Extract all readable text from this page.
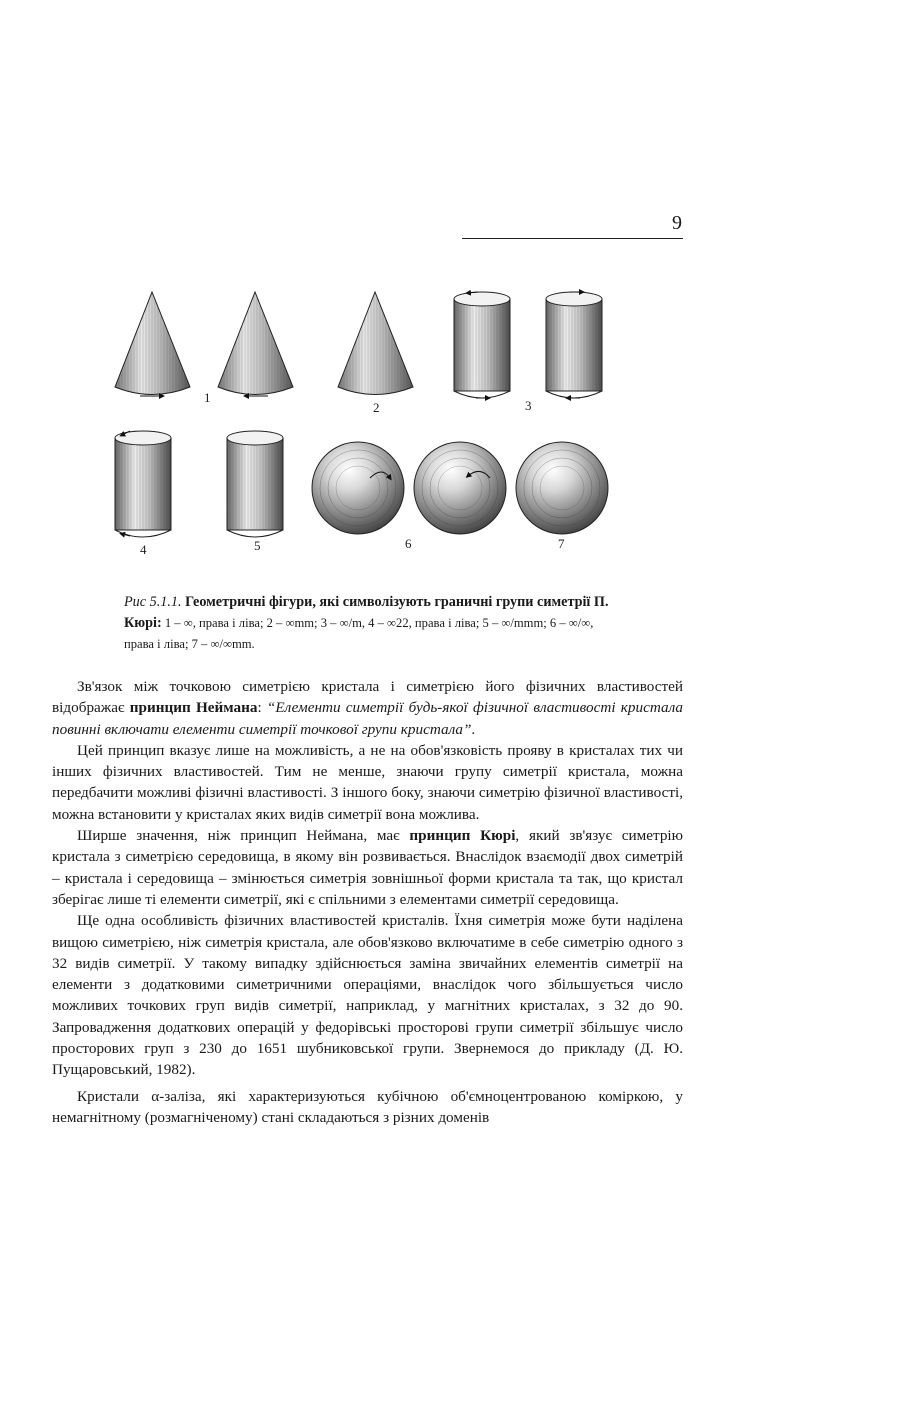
9
1
2	3
4	5	6	7
Рис 5.1.1. Геометричні фігури, які символізують граничні групи симетрії П. Кюрі: 1 – ∞, права і ліва; 2 – ∞mm; 3 – ∞/m, 4 – ∞22, права і ліва; 5 – ∞/mmm; 6 – ∞/∞, права і ліва; 7 – ∞/∞mm.

Зв'язок між точковою симетрією кристала і симетрією його фізичних властивостей відображає принцип Неймана: “Елементи симетрії будь-якої фізичної властивості кристала повинні включати елементи симетрії точкової групи кристала”.

Цей принцип вказує лише на можливість, а не на обов'язковість прояву в кристалах тих чи інших фізичних властивостей. Тим не менше, знаючи групу симетрії кристала, можна передбачити можливі фізичні властивості. З іншого боку, знаючи симетрію фізичної властивості, можна встановити у кристалах яких видів симетрії вона можлива.

Ширше значення, ніж принцип Неймана, має принцип Кюрі, який зв'язує симетрію кристала з симетрією середовища, в якому він розвивається. Внаслідок взаємодії двох симетрій – кристала і середовища – змінюється симетрія зовнішньої форми кристала та так, що кристал зберігає лише ті елементи симетрії, які є спільними з елементами симетрії середовища.

Ще одна особливість фізичних властивостей кристалів. Їхня симетрія може бути наділена вищою симетрією, ніж симетрія кристала, але обов'язково включатиме в себе симетрію одного з 32 видів симетрії. У такому випадку здійснюється заміна звичайних елементів симетрії на елементи з додатковими симетричними операціями, внаслідок чого збільшується число можливих точкових груп видів симетрії, наприклад, у магнітних кристалах, з 32 до 90. Запровадження додаткових операцій у федорівські просторові групи симетрії збільшує число просторових груп з 230 до 1651 шубниковської групи. Звернемося до прикладу (Д. Ю. Пущаровський, 1982).

Кристали α-заліза, які характеризуються кубічною об'ємноцентрованою коміркою, у немагнітному (розмагніченому) стані складаються з різних доменів
